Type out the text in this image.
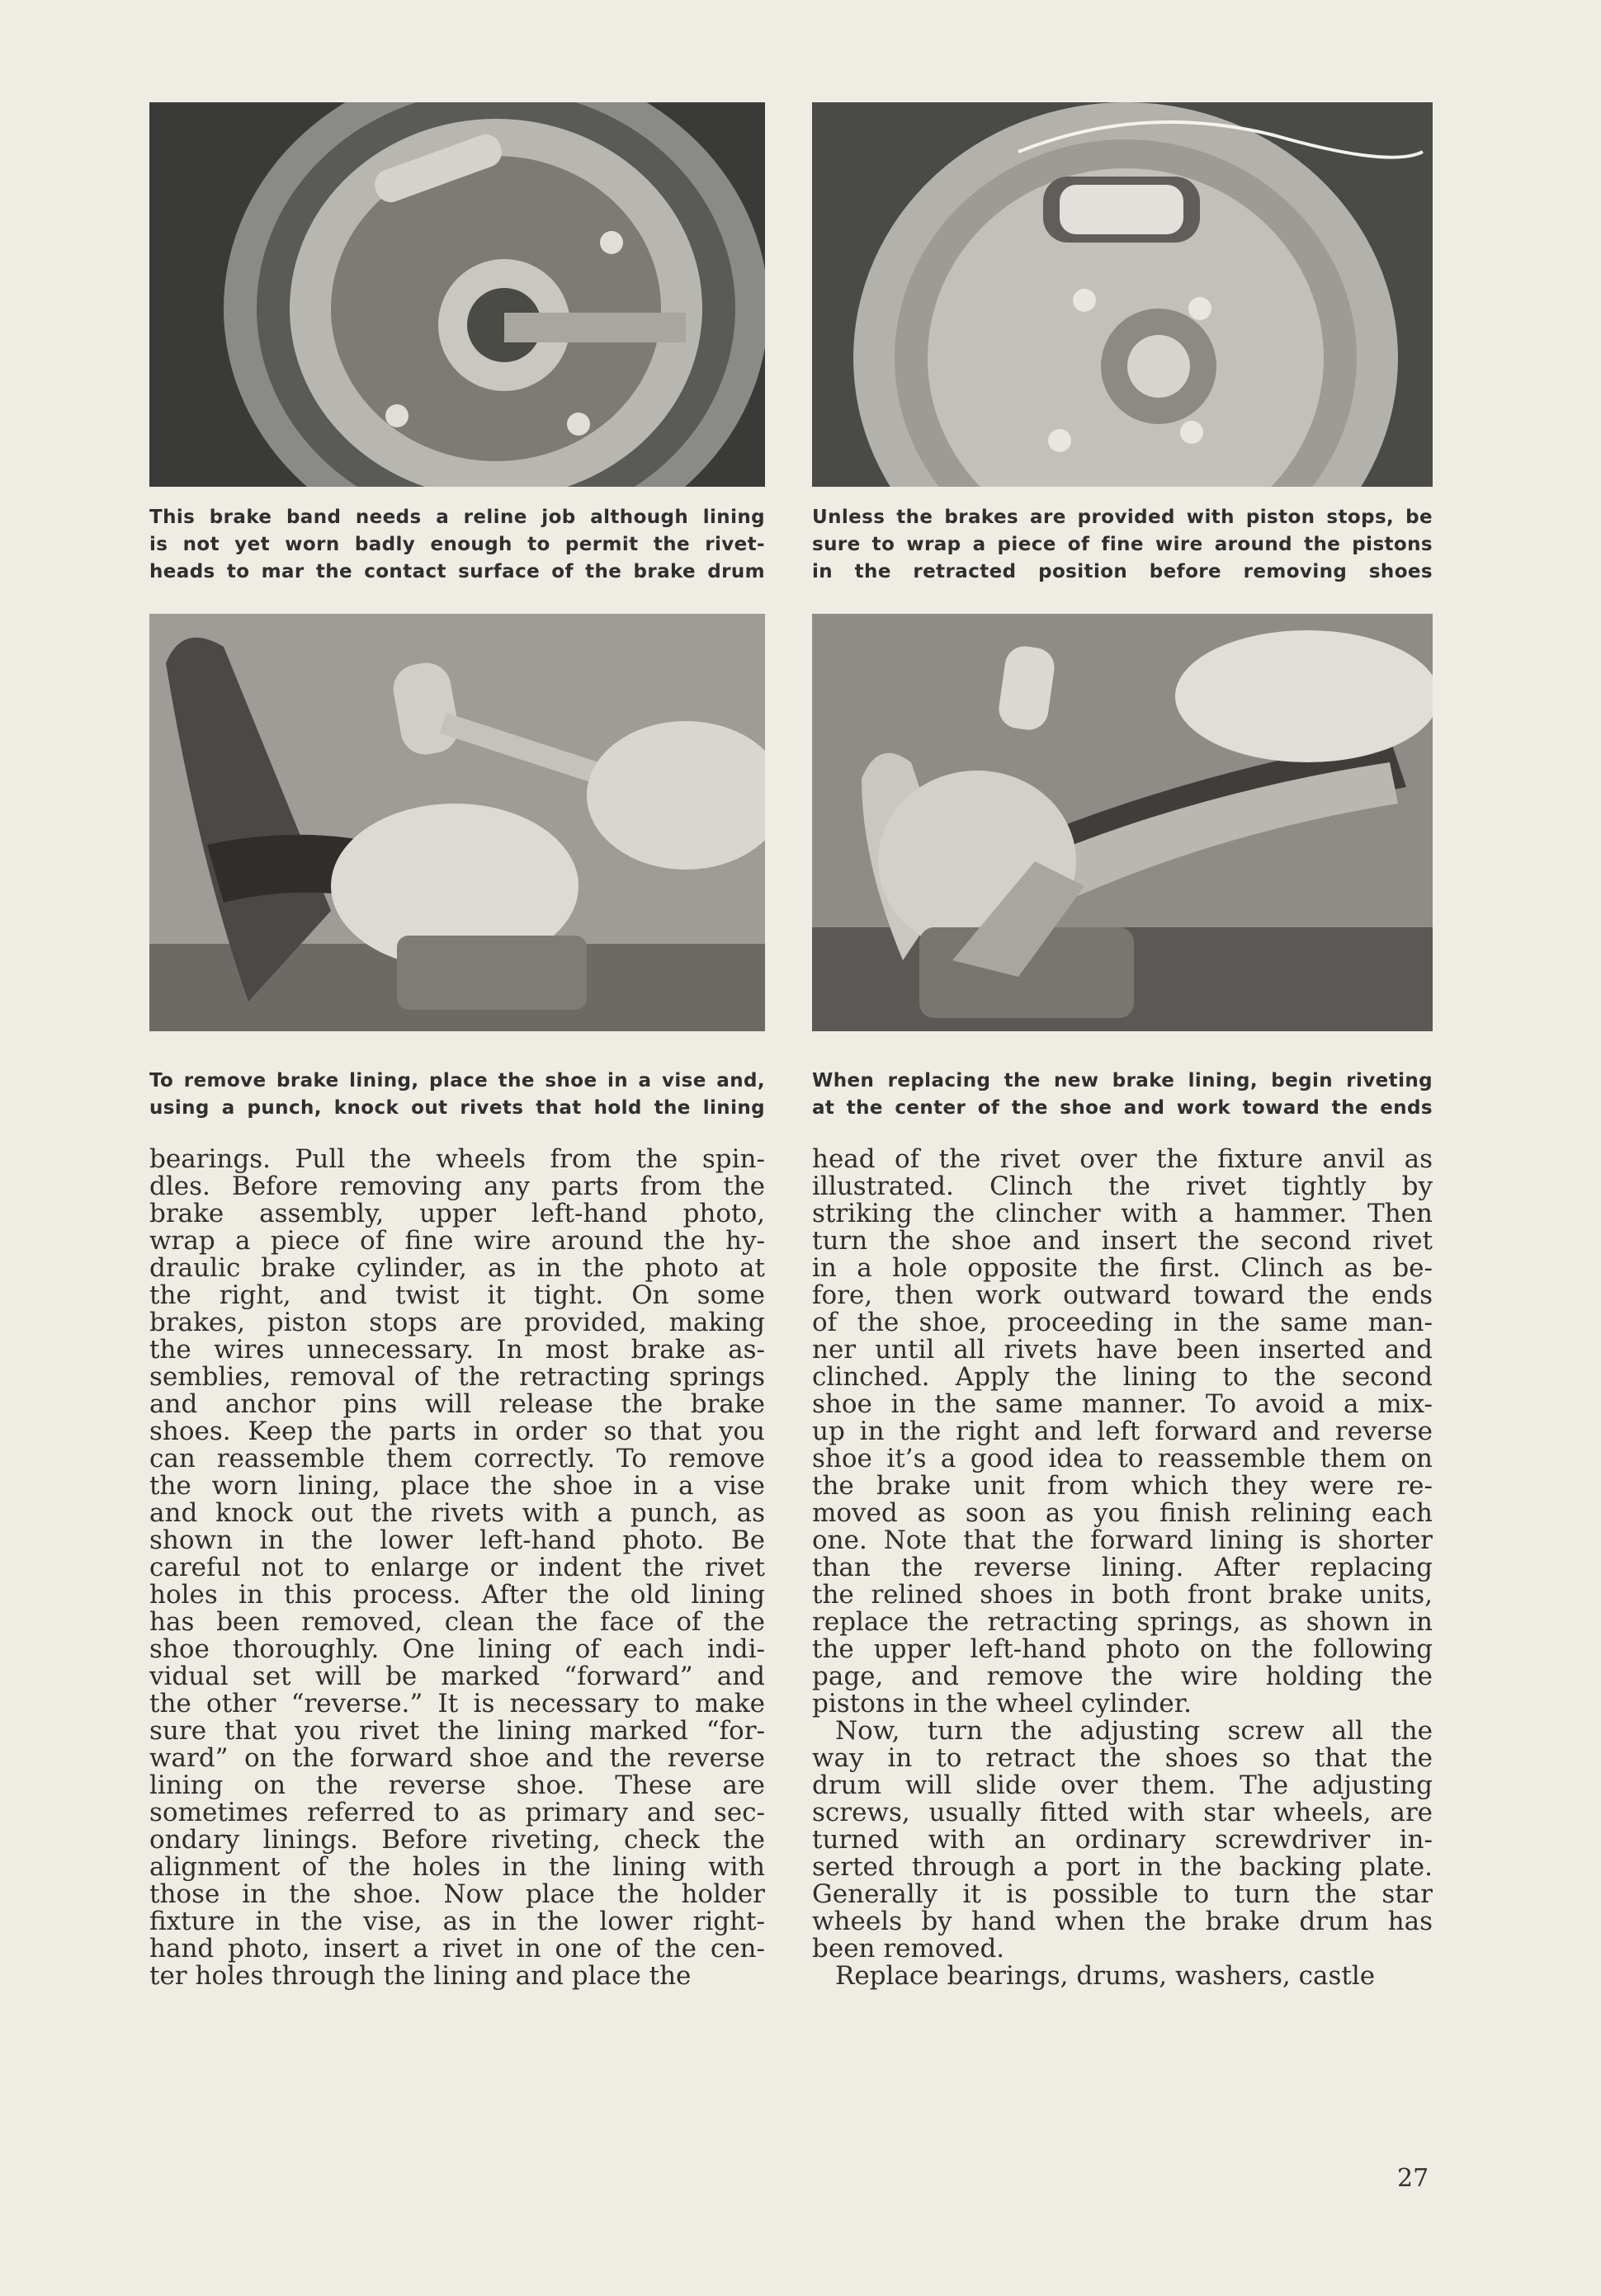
This brake band needs a reline job although lining
is not yet worn badly enough to permit the rivet-
heads to mar the contact surface of the brake drum
Unless the brakes are provided with piston stops, be
sure to wrap a piece of fine wire around the pistons
in the retracted position before removing shoes
To remove brake lining, place the shoe in a vise and,
using a punch, knock out rivets that hold the lining
When replacing the new brake lining, begin riveting
at the center of the shoe and work toward the ends
bearings. Pull the wheels from the spin-
dles. Before removing any parts from the
brake assembly, upper left-hand photo,
wrap a piece of fine wire around the hy-
draulic brake cylinder, as in the photo at
the right, and twist it tight. On some
brakes, piston stops are provided, making
the wires unnecessary. In most brake as-
semblies, removal of the retracting springs
and anchor pins will release the brake
shoes. Keep the parts in order so that you
can reassemble them correctly. To remove
the worn lining, place the shoe in a vise
and knock out the rivets with a punch, as
shown in the lower left-hand photo. Be
careful not to enlarge or indent the rivet
holes in this process. After the old lining
has been removed, clean the face of the
shoe thoroughly. One lining of each indi-
vidual set will be marked “forward” and
the other “reverse.” It is necessary to make
sure that you rivet the lining marked “for-
ward” on the forward shoe and the reverse
lining on the reverse shoe. These are
sometimes referred to as primary and sec-
ondary linings. Before riveting, check the
alignment of the holes in the lining with
those in the shoe. Now place the holder
fixture in the vise, as in the lower right-
hand photo, insert a rivet in one of the cen-
ter holes through the lining and place the
head of the rivet over the fixture anvil as
illustrated. Clinch the rivet tightly by
striking the clincher with a hammer. Then
turn the shoe and insert the second rivet
in a hole opposite the first. Clinch as be-
fore, then work outward toward the ends
of the shoe, proceeding in the same man-
ner until all rivets have been inserted and
clinched. Apply the lining to the second
shoe in the same manner. To avoid a mix-
up in the right and left forward and reverse
shoe it’s a good idea to reassemble them on
the brake unit from which they were re-
moved as soon as you finish relining each
one. Note that the forward lining is shorter
than the reverse lining. After replacing
the relined shoes in both front brake units,
replace the retracting springs, as shown in
the upper left-hand photo on the following
page, and remove the wire holding the
pistons in the wheel cylinder.
Now, turn the adjusting screw all the
way in to retract the shoes so that the
drum will slide over them. The adjusting
screws, usually fitted with star wheels, are
turned with an ordinary screwdriver in-
serted through a port in the backing plate.
Generally it is possible to turn the star
wheels by hand when the brake drum has
been removed.
Replace bearings, drums, washers, castle
27
